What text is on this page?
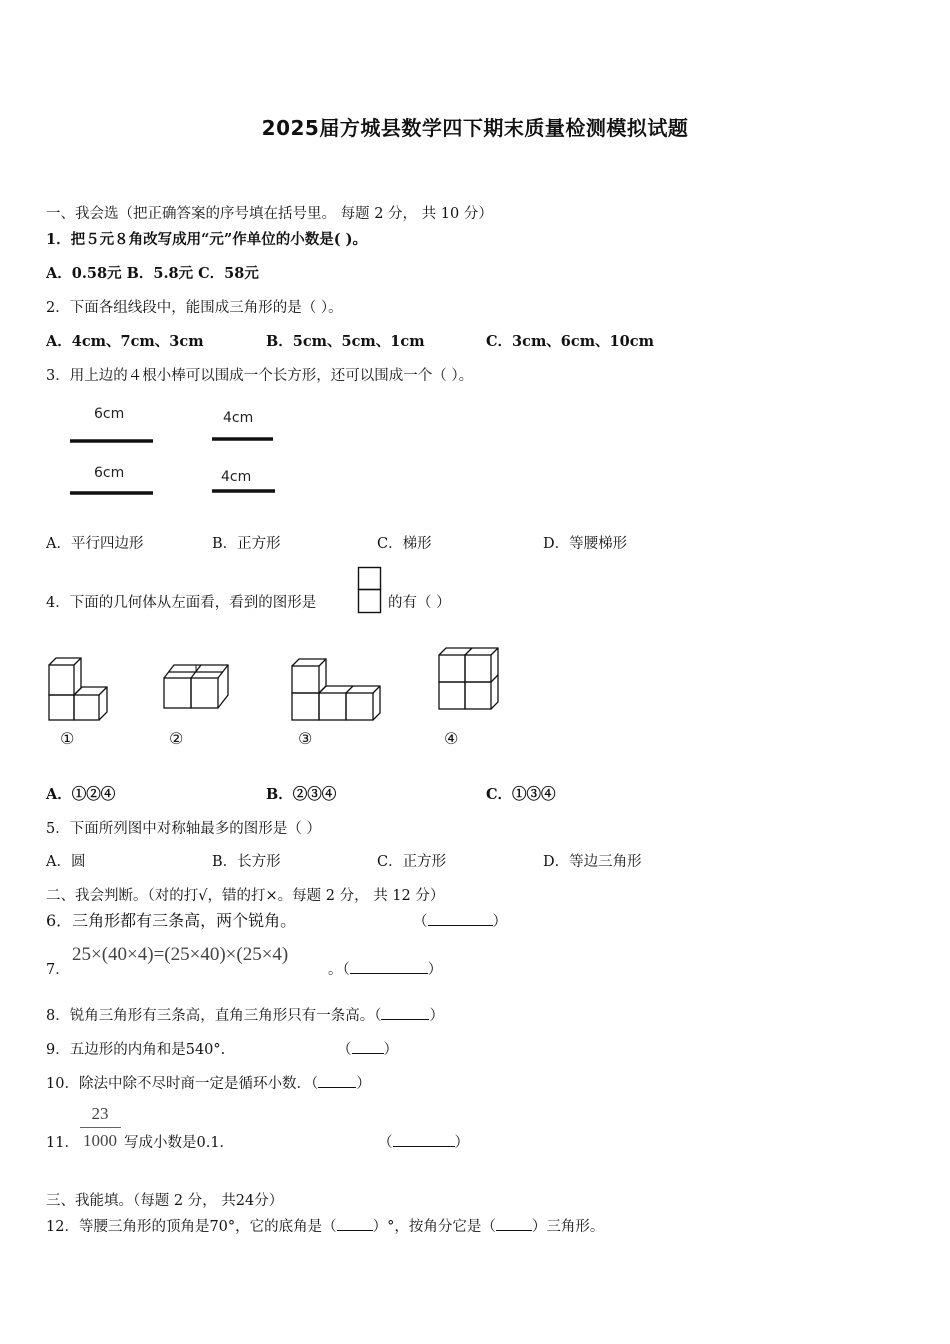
2025届方城县数学四下期末质量检测模拟试题
一、我会选（把正确答案的序号填在括号里。 每题 2 分， 共 10 分）
1．把５元８角改写成用“元”作单位的小数是( )。
A．0.58元 B．5.8元 C．58元
2．下面各组线段中，能围成三角形的是（ ）。
A．4cm、7cm、3cm	B．5cm、5cm、1cm	C．3cm、6cm、10cm
3．用上边的４根小棒可以围成一个长方形，还可以围成一个（ ）。
6cm	4cm
6cm	4cm
A．平行四边形	B．正方形	C．梯形	D．等腰梯形
4．下面的几何体从左面看，看到的图形是	的有（ ）
①	②	③	④
A．①②④	B．②③④	C．①③④
5．下面所列图中对称轴最多的图形是（ ）
A．圆	B．长方形	C．正方形	D．等边三角形
二、我会判断。（对的打√，错的打×。每题 2 分， 共 12 分）
6．三角形都有三条高，两个锐角。	（	）
7．
25×(40×4)=(25×40)×(25×4)
。（	）
8．锐角三角形有三条高，直角三角形只有一条高。（	）
9．五边形的内角和是540°.	（ ）
10．除法中除不尽时商一定是循环小数．（	）
11．
23
1000 写成小数是0.1．	（	）
三、我能填。（每题 2 分， 共24分）
12．等腰三角形的顶角是70°，它的底角是（ ）°，按角分它是（ ）三角形。
